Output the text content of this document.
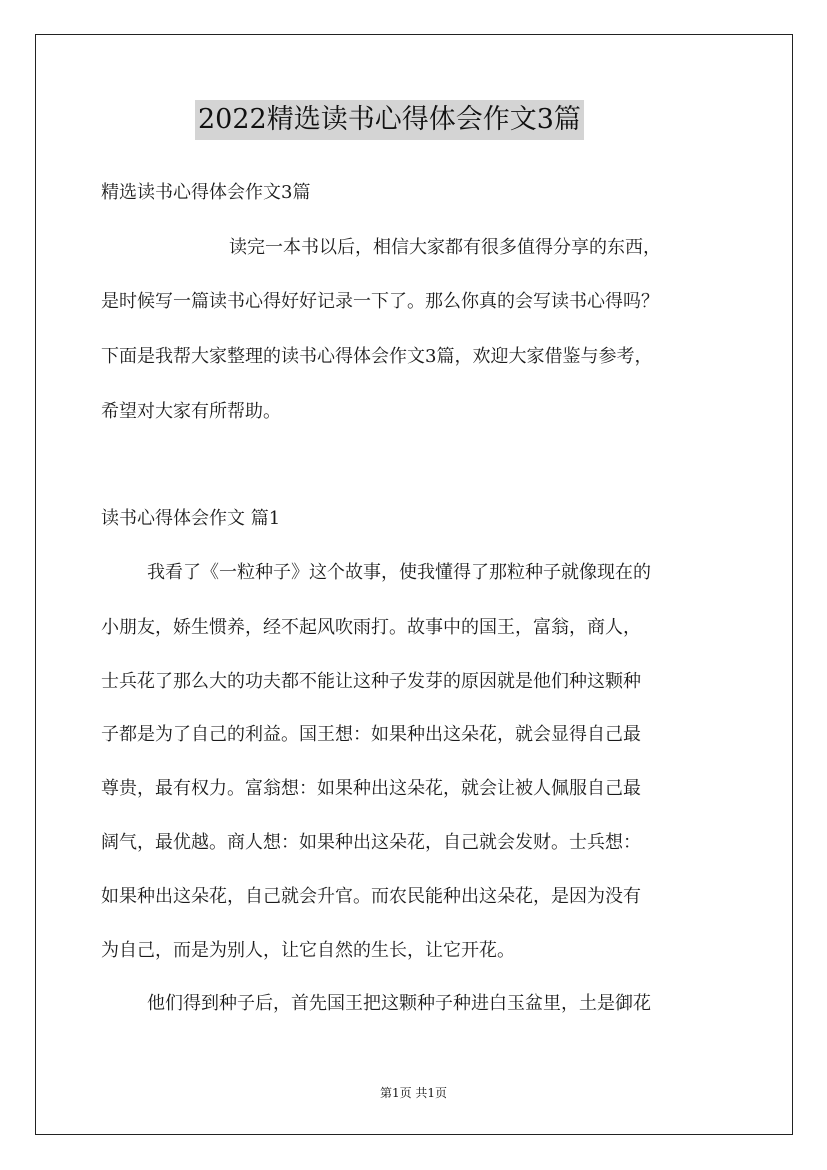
2022精选读书心得体会作文3篇
精选读书心得体会作文3篇
读完一本书以后，相信大家都有很多值得分享的东西，
是时候写一篇读书心得好好记录一下了。那么你真的会写读书心得吗？
下面是我帮大家整理的读书心得体会作文3篇，欢迎大家借鉴与参考，
希望对大家有所帮助。
读书心得体会作文 篇1
我看了《一粒种子》这个故事，使我懂得了那粒种子就像现在的
小朋友，娇生惯养，经不起风吹雨打。故事中的国王，富翁，商人，
士兵花了那么大的功夫都不能让这种子发芽的原因就是他们种这颗种
子都是为了自己的利益。国王想：如果种出这朵花，就会显得自己最
尊贵，最有权力。富翁想：如果种出这朵花，就会让被人佩服自己最
阔气，最优越。商人想：如果种出这朵花，自己就会发财。士兵想：
如果种出这朵花，自己就会升官。而农民能种出这朵花，是因为没有
为自己，而是为别人，让它自然的生长，让它开花。
他们得到种子后，首先国王把这颗种子种进白玉盆里，土是御花
第1页 共1页
